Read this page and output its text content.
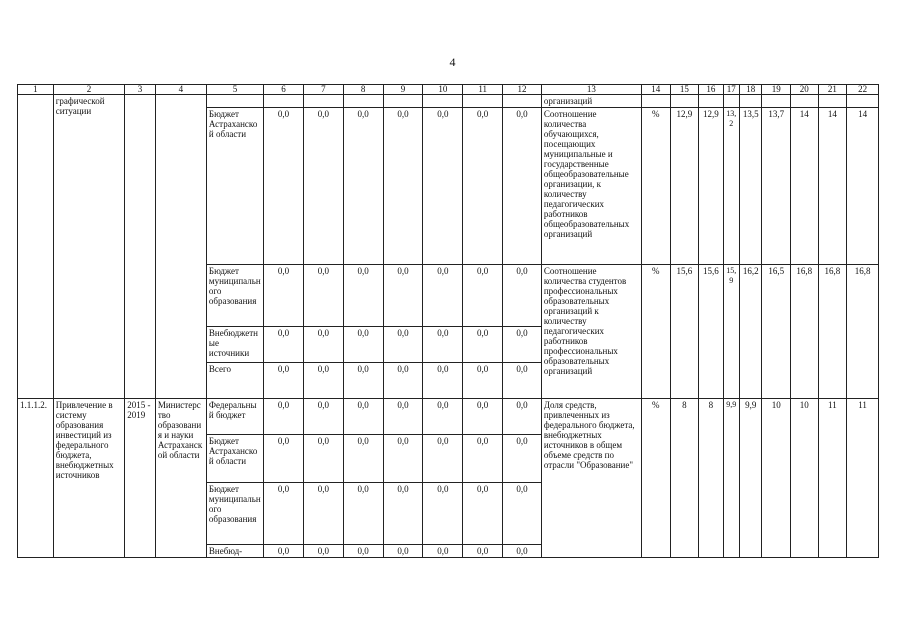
4
1	2	3	4	5	6	7	8	9	10	11	12	13	14	15	16	17	18	19	20	21	22
	графической ситуации											организаций									
				Бюджет Астраханской области	0,0	0,0	0,0	0,0	0,0	0,0	0,0	Соотношение количества обучающихся, посещающих муниципальные и государственные общеобразовательные организации, к количеству педагогических работников общеобразовательных организаций	%	12,9	12,9	13,2	13,5	13,7	14	14	14
				Бюджет муниципального образования	0,0	0,0	0,0	0,0	0,0	0,0	0,0	Соотношение количества студентов профессиональных образовательных организаций к количеству педагогических работников профессиональных образовательных организаций	%	15,6	15,6	15,9	16,2	16,5	16,8	16,8	16,8
				Внебюджетные источники	0,0	0,0	0,0	0,0	0,0	0,0	0,0										
				Всего	0,0	0,0	0,0	0,0	0,0	0,0	0,0										
1.1.1.2.	Привлечение в систему образования инвестиций из федерального бюджета, внебюджетных источников	2015 - 2019	Министерство образования и науки Астраханской области	Федеральный бюджет	0,0	0,0	0,0	0,0	0,0	0,0	0,0	Доля средств, привлеченных из федерального бюджета, внебюджетных источников в общем объеме средств по отрасли "Образование"	%	8	8	9,9	9,9	10	10	11	11
				Бюджет Астраханской области	0,0	0,0	0,0	0,0	0,0	0,0	0,0										
				Бюджет муниципального образования	0,0	0,0	0,0	0,0	0,0	0,0	0,0										
				Внебюд-	0,0	0,0	0,0	0,0	0,0	0,0	0,0										
